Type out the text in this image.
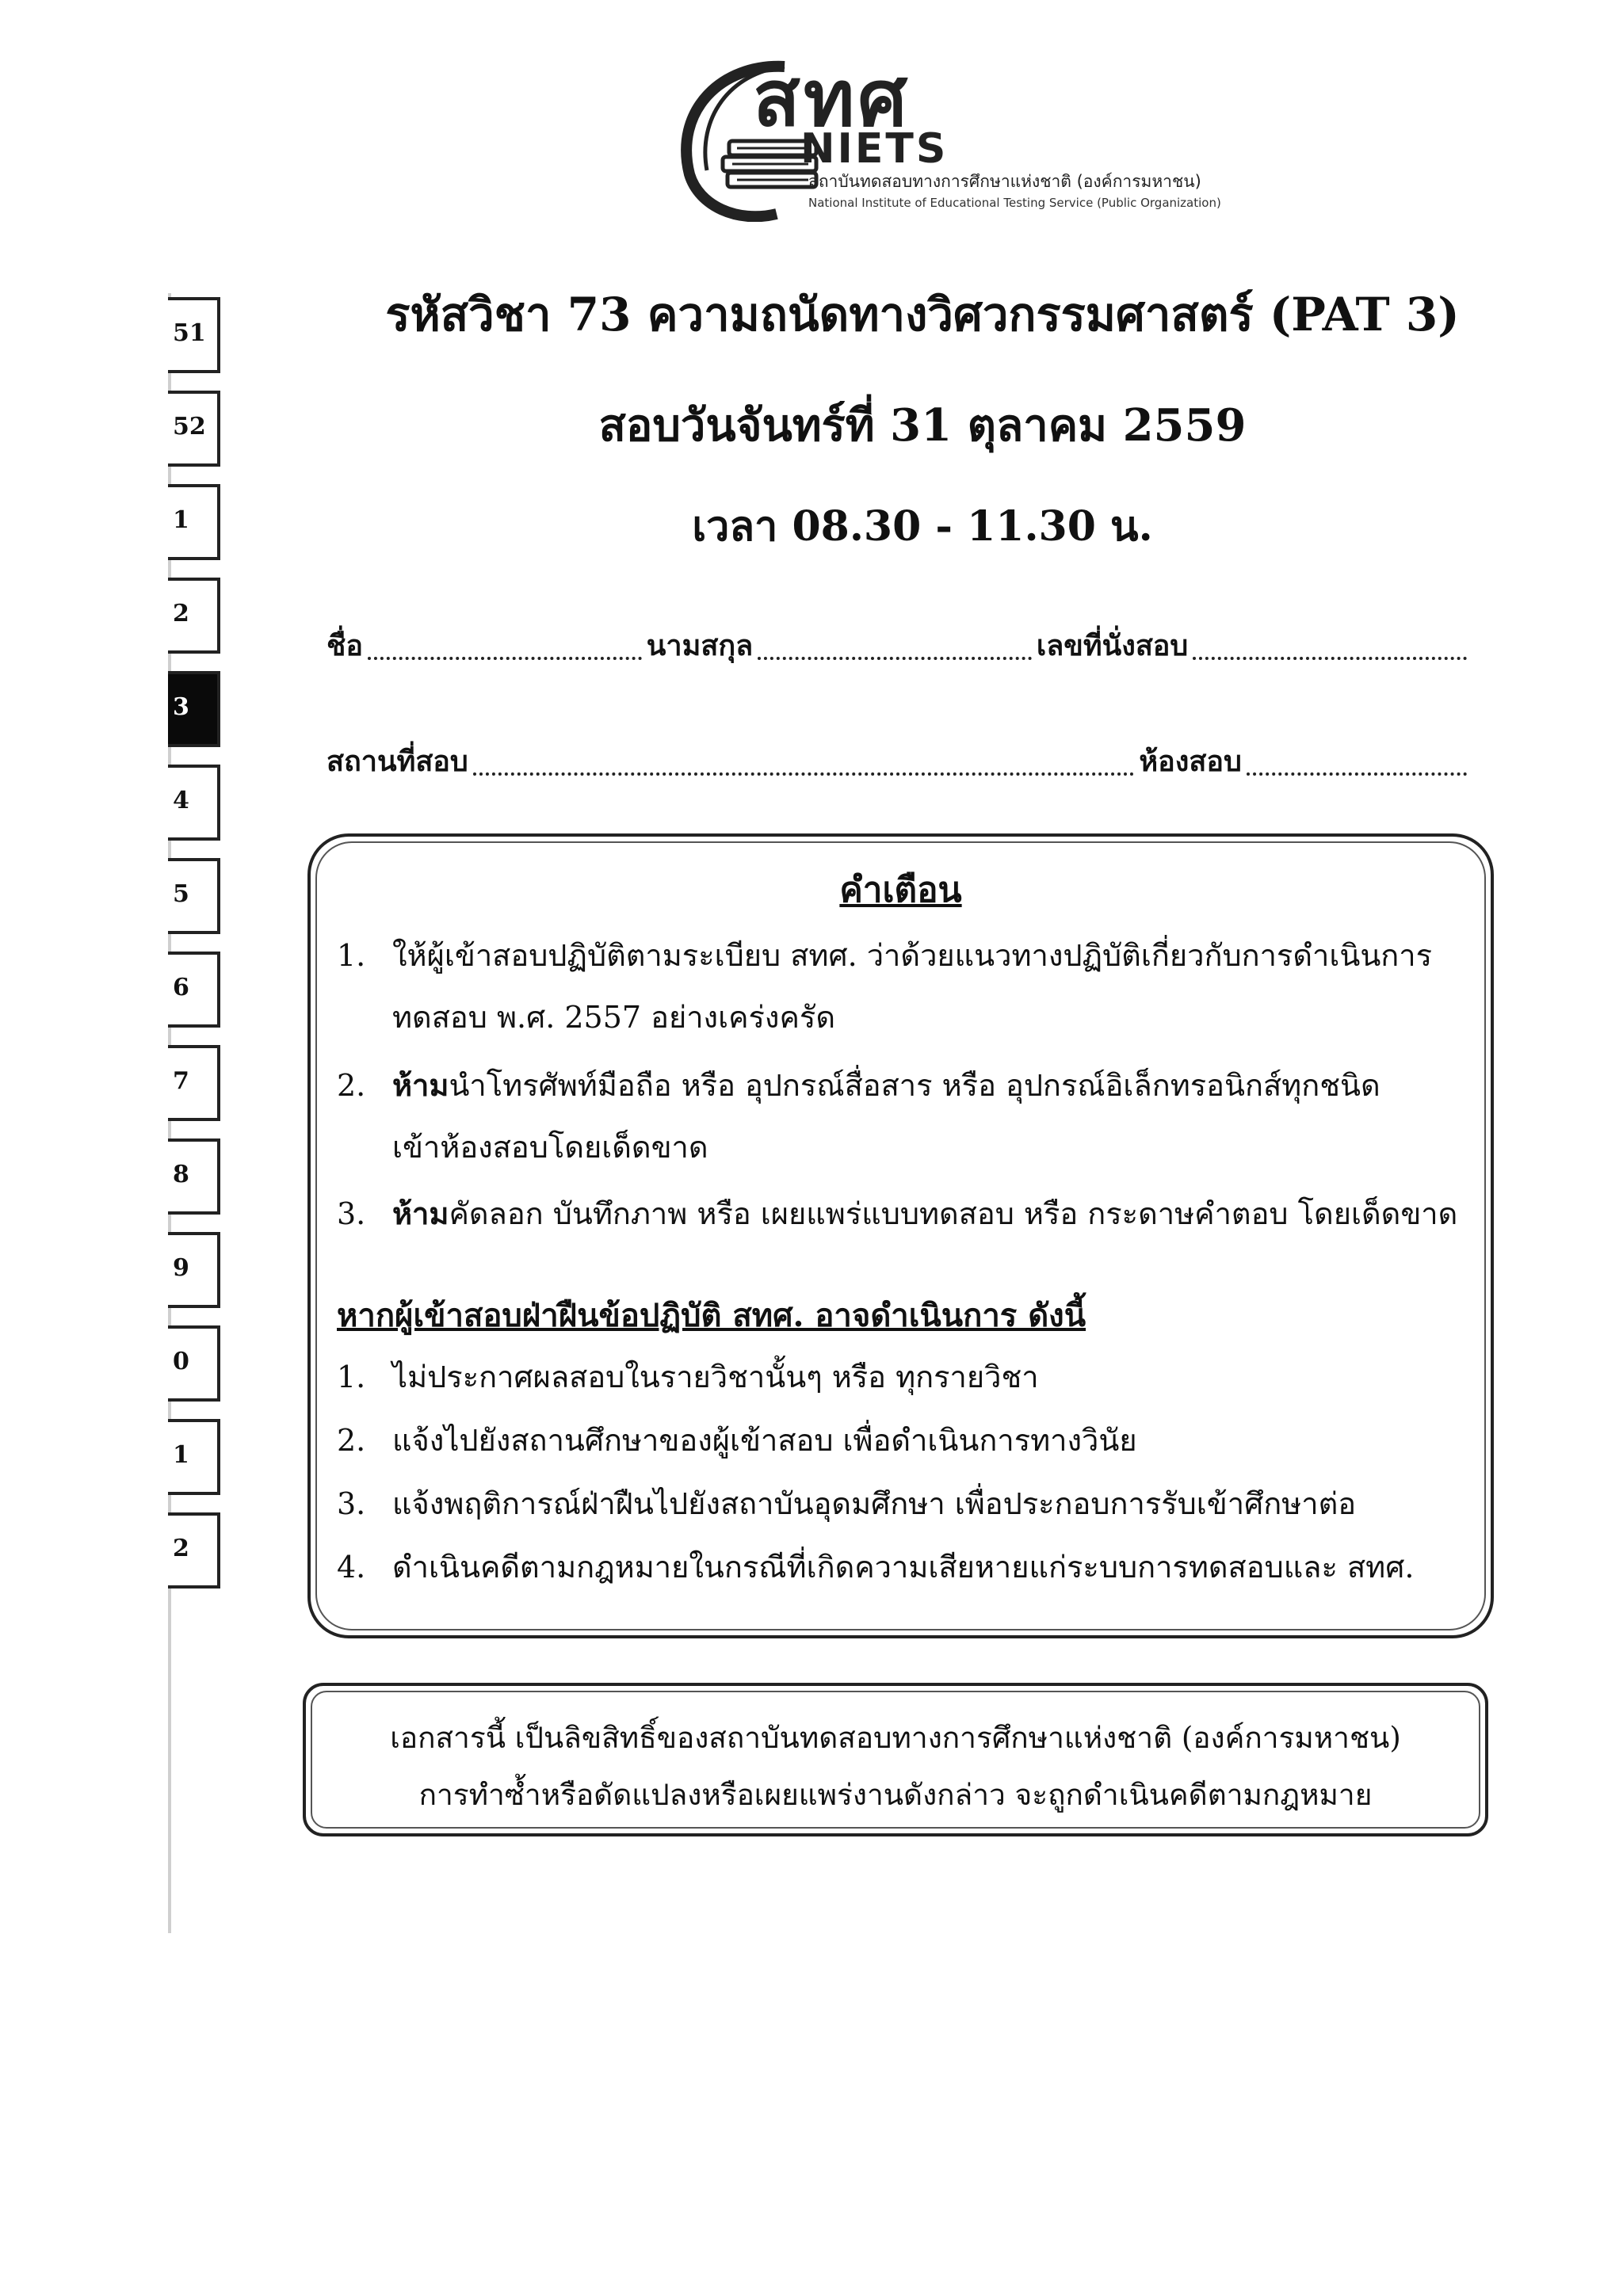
51
52
1
2
3
4
5
6
7
8
9
0
1
2
สทศ
NIETS
สถาบันทดสอบทางการศึกษาแห่งชาติ (องค์การมหาชน)
National Institute of Educational Testing Service (Public Organization)
รหัสวิชา 73 ความถนัดทางวิศวกรรมศาสตร์ (PAT 3)
สอบวันจันทร์ที่ 31 ตุลาคม 2559
เวลา 08.30 - 11.30 น.
ชื่อ	นามสกุล	เลขที่นั่งสอบ
สถานที่สอบ	ห้องสอบ
คำเตือน
1. ให้ผู้เข้าสอบปฏิบัติตามระเบียบ สทศ. ว่าด้วยแนวทางปฏิบัติเกี่ยวกับการดำเนินการ
ทดสอบ พ.ศ. 2557 อย่างเคร่งครัด
2. ห้ามนำโทรศัพท์มือถือ หรือ อุปกรณ์สื่อสาร หรือ อุปกรณ์อิเล็กทรอนิกส์ทุกชนิด
เข้าห้องสอบโดยเด็ดขาด
3. ห้ามคัดลอก บันทึกภาพ หรือ เผยแพร่แบบทดสอบ หรือ กระดาษคำตอบ โดยเด็ดขาด
หากผู้เข้าสอบฝ่าฝืนข้อปฏิบัติ สทศ. อาจดำเนินการ ดังนี้
1. ไม่ประกาศผลสอบในรายวิชานั้นๆ หรือ ทุกรายวิชา
2. แจ้งไปยังสถานศึกษาของผู้เข้าสอบ เพื่อดำเนินการทางวินัย
3. แจ้งพฤติการณ์ฝ่าฝืนไปยังสถาบันอุดมศึกษา เพื่อประกอบการรับเข้าศึกษาต่อ
4. ดำเนินคดีตามกฎหมายในกรณีที่เกิดความเสียหายแก่ระบบการทดสอบและ สทศ.
เอกสารนี้ เป็นลิขสิทธิ์ของสถาบันทดสอบทางการศึกษาแห่งชาติ (องค์การมหาชน)
การทำซ้ำหรือดัดแปลงหรือเผยแพร่งานดังกล่าว จะถูกดำเนินคดีตามกฎหมาย
